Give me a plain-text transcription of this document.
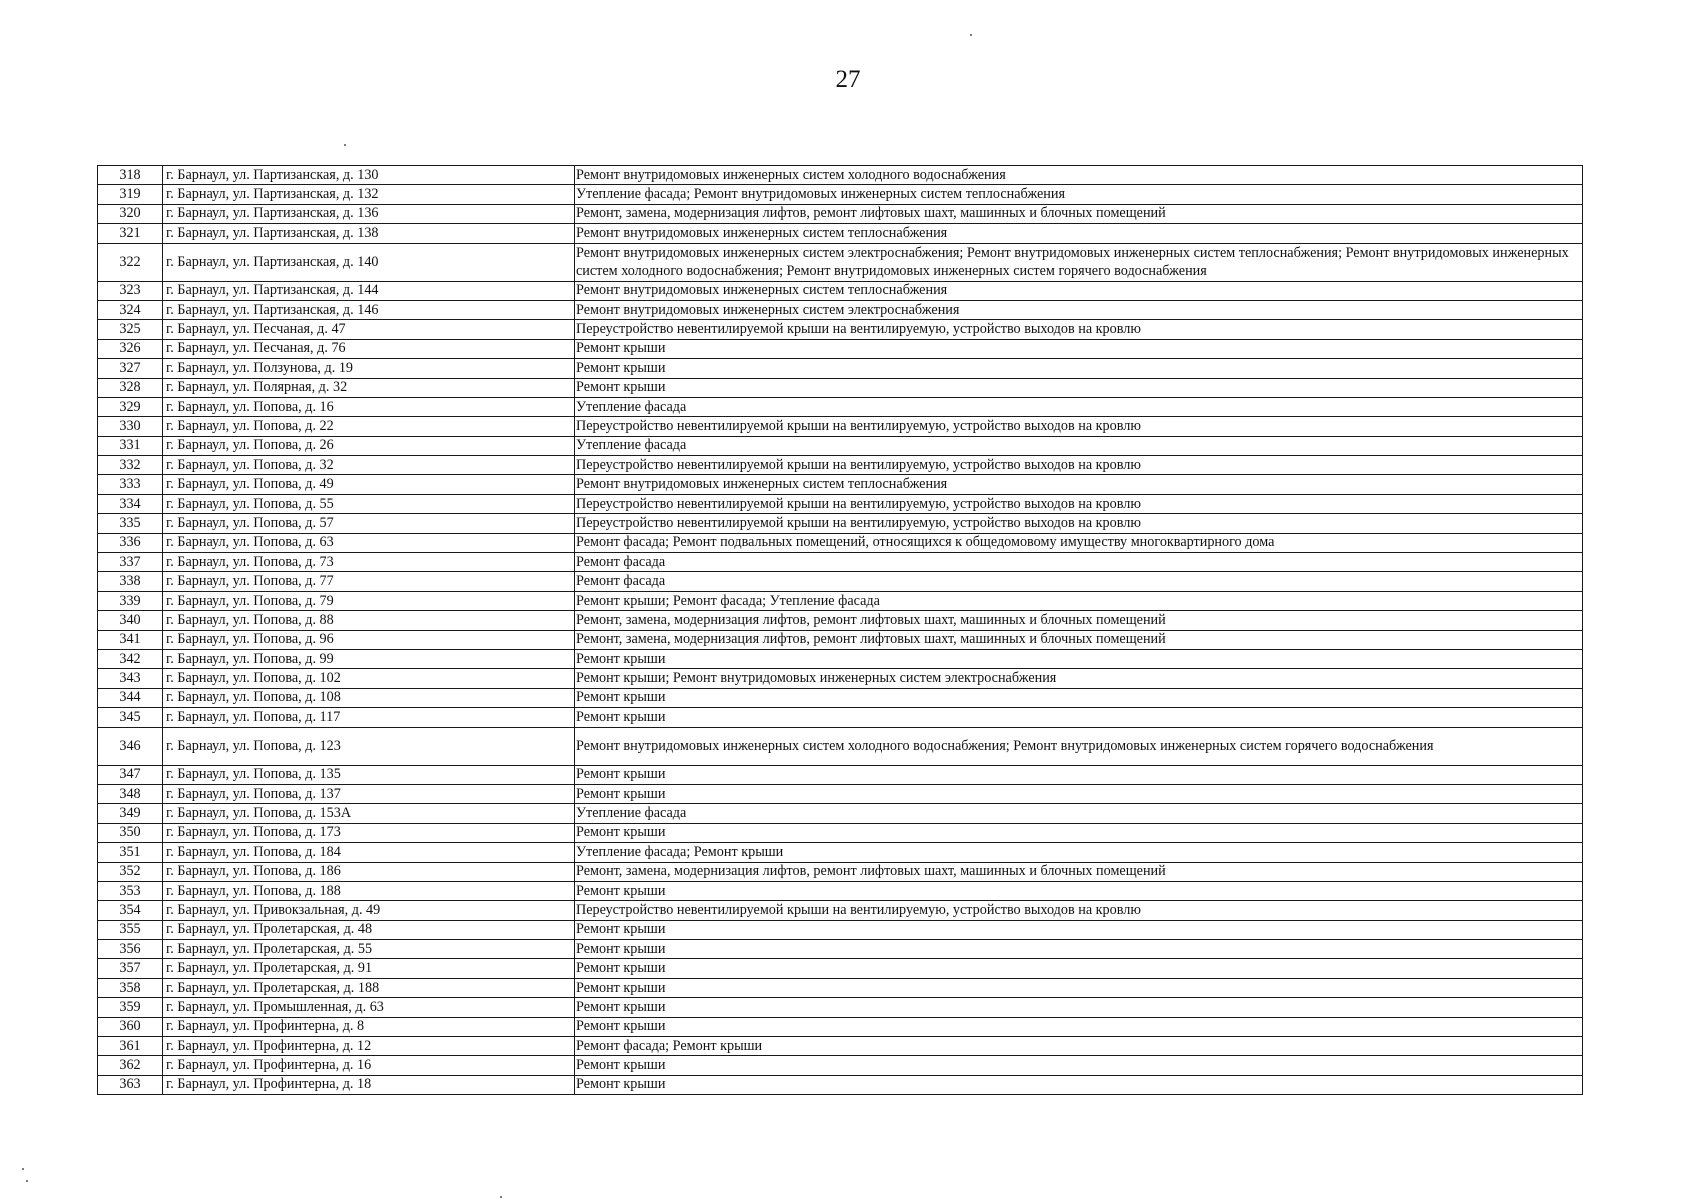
27
318	г. Барнаул, ул. Партизанская, д. 130	Ремонт внутридомовых инженерных систем холодного водоснабжения
319	г. Барнаул, ул. Партизанская, д. 132	Утепление фасада; Ремонт внутридомовых инженерных систем теплоснабжения
320	г. Барнаул, ул. Партизанская, д. 136	Ремонт, замена, модернизация лифтов, ремонт лифтовых шахт, машинных и блочных помещений
321	г. Барнаул, ул. Партизанская, д. 138	Ремонт внутридомовых инженерных систем теплоснабжения
322	г. Барнаул, ул. Партизанская, д. 140	Ремонт внутридомовых инженерных систем электроснабжения; Ремонт внутридомовых инженерных систем теплоснабжения; Ремонт внутридомовых инженерных систем холодного водоснабжения; Ремонт внутридомовых инженерных систем горячего водоснабжения
323	г. Барнаул, ул. Партизанская, д. 144	Ремонт внутридомовых инженерных систем теплоснабжения
324	г. Барнаул, ул. Партизанская, д. 146	Ремонт внутридомовых инженерных систем электроснабжения
325	г. Барнаул, ул. Песчаная, д. 47	Переустройство невентилируемой крыши на вентилируемую, устройство выходов на кровлю
326	г. Барнаул, ул. Песчаная, д. 76	Ремонт крыши
327	г. Барнаул, ул. Ползунова, д. 19	Ремонт крыши
328	г. Барнаул, ул. Полярная, д. 32	Ремонт крыши
329	г. Барнаул, ул. Попова, д. 16	Утепление фасада
330	г. Барнаул, ул. Попова, д. 22	Переустройство невентилируемой крыши на вентилируемую, устройство выходов на кровлю
331	г. Барнаул, ул. Попова, д. 26	Утепление фасада
332	г. Барнаул, ул. Попова, д. 32	Переустройство невентилируемой крыши на вентилируемую, устройство выходов на кровлю
333	г. Барнаул, ул. Попова, д. 49	Ремонт внутридомовых инженерных систем теплоснабжения
334	г. Барнаул, ул. Попова, д. 55	Переустройство невентилируемой крыши на вентилируемую, устройство выходов на кровлю
335	г. Барнаул, ул. Попова, д. 57	Переустройство невентилируемой крыши на вентилируемую, устройство выходов на кровлю
336	г. Барнаул, ул. Попова, д. 63	Ремонт фасада; Ремонт подвальных помещений, относящихся к общедомовому имуществу многоквартирного дома
337	г. Барнаул, ул. Попова, д. 73	Ремонт фасада
338	г. Барнаул, ул. Попова, д. 77	Ремонт фасада
339	г. Барнаул, ул. Попова, д. 79	Ремонт крыши; Ремонт фасада; Утепление фасада
340	г. Барнаул, ул. Попова, д. 88	Ремонт, замена, модернизация лифтов, ремонт лифтовых шахт, машинных и блочных помещений
341	г. Барнаул, ул. Попова, д. 96	Ремонт, замена, модернизация лифтов, ремонт лифтовых шахт, машинных и блочных помещений
342	г. Барнаул, ул. Попова, д. 99	Ремонт крыши
343	г. Барнаул, ул. Попова, д. 102	Ремонт крыши; Ремонт внутридомовых инженерных систем электроснабжения
344	г. Барнаул, ул. Попова, д. 108	Ремонт крыши
345	г. Барнаул, ул. Попова, д. 117	Ремонт крыши
346	г. Барнаул, ул. Попова, д. 123	Ремонт внутридомовых инженерных систем холодного водоснабжения; Ремонт внутридомовых инженерных систем горячего водоснабжения
347	г. Барнаул, ул. Попова, д. 135	Ремонт крыши
348	г. Барнаул, ул. Попова, д. 137	Ремонт крыши
349	г. Барнаул, ул. Попова, д. 153А	Утепление фасада
350	г. Барнаул, ул. Попова, д. 173	Ремонт крыши
351	г. Барнаул, ул. Попова, д. 184	Утепление фасада; Ремонт крыши
352	г. Барнаул, ул. Попова, д. 186	Ремонт, замена, модернизация лифтов, ремонт лифтовых шахт, машинных и блочных помещений
353	г. Барнаул, ул. Попова, д. 188	Ремонт крыши
354	г. Барнаул, ул. Привокзальная, д. 49	Переустройство невентилируемой крыши на вентилируемую, устройство выходов на кровлю
355	г. Барнаул, ул. Пролетарская, д. 48	Ремонт крыши
356	г. Барнаул, ул. Пролетарская, д. 55	Ремонт крыши
357	г. Барнаул, ул. Пролетарская, д. 91	Ремонт крыши
358	г. Барнаул, ул. Пролетарская, д. 188	Ремонт крыши
359	г. Барнаул, ул. Промышленная, д. 63	Ремонт крыши
360	г. Барнаул, ул. Профинтерна, д. 8	Ремонт крыши
361	г. Барнаул, ул. Профинтерна, д. 12	Ремонт фасада; Ремонт крыши
362	г. Барнаул, ул. Профинтерна, д. 16	Ремонт крыши
363	г. Барнаул, ул. Профинтерна, д. 18	Ремонт крыши
